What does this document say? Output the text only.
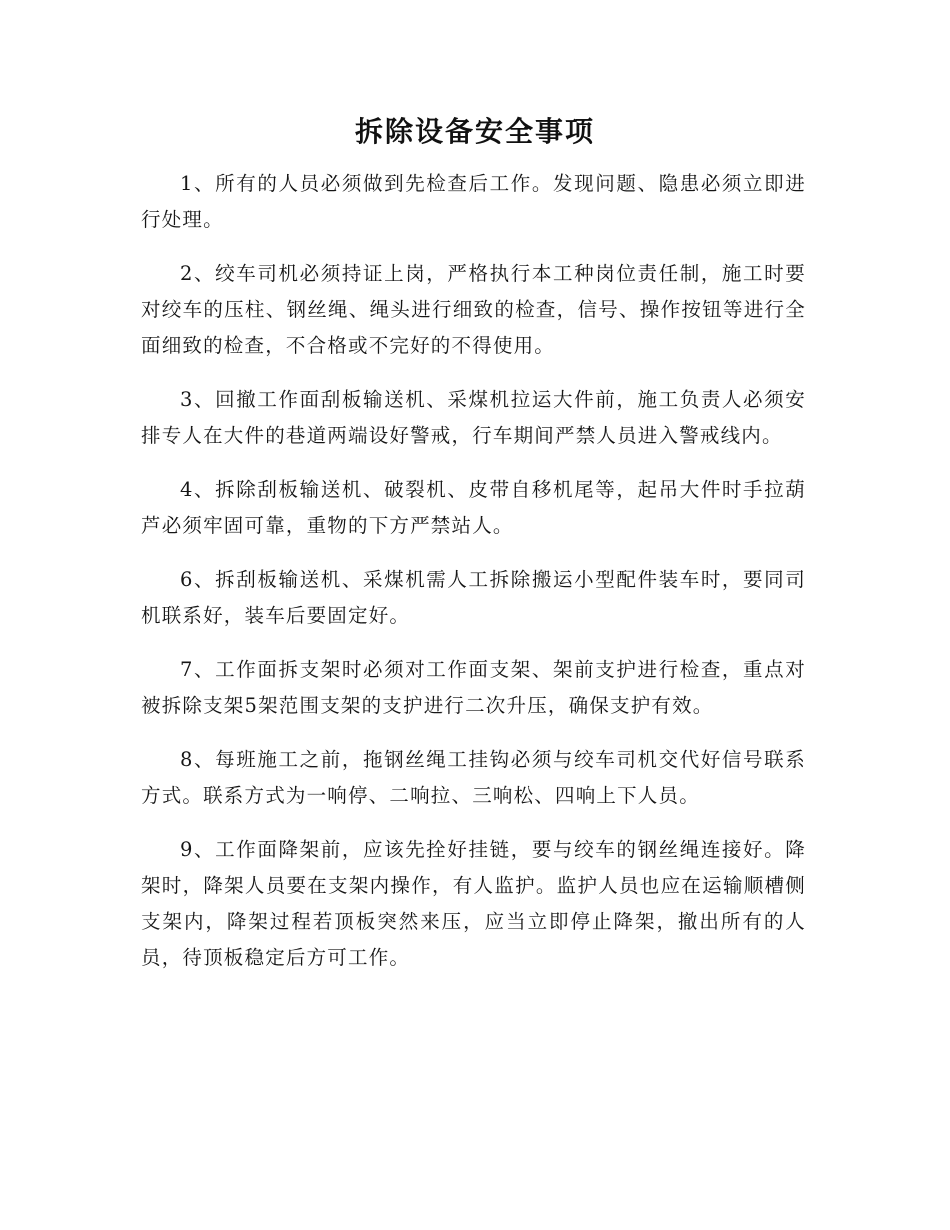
拆除设备安全事项

1、所有的人员必须做到先检查后工作。发现问题、隐患必须立即进行处理。

2、绞车司机必须持证上岗，严格执行本工种岗位责任制，施工时要对绞车的压柱、钢丝绳、绳头进行细致的检查，信号、操作按钮等进行全面细致的检查，不合格或不完好的不得使用。

3、回撤工作面刮板输送机、采煤机拉运大件前，施工负责人必须安排专人在大件的巷道两端设好警戒，行车期间严禁人员进入警戒线内。

4、拆除刮板输送机、破裂机、皮带自移机尾等，起吊大件时手拉葫芦必须牢固可靠，重物的下方严禁站人。

6、拆刮板输送机、采煤机需人工拆除搬运小型配件装车时，要同司机联系好，装车后要固定好。

7、工作面拆支架时必须对工作面支架、架前支护进行检查，重点对被拆除支架5架范围支架的支护进行二次升压，确保支护有效。

8、每班施工之前，拖钢丝绳工挂钩必须与绞车司机交代好信号联系方式。联系方式为一响停、二响拉、三响松、四响上下人员。

9、工作面降架前，应该先拴好挂链，要与绞车的钢丝绳连接好。降架时，降架人员要在支架内操作，有人监护。监护人员也应在运输顺槽侧支架内，降架过程若顶板突然来压，应当立即停止降架，撤出所有的人员，待顶板稳定后方可工作。
